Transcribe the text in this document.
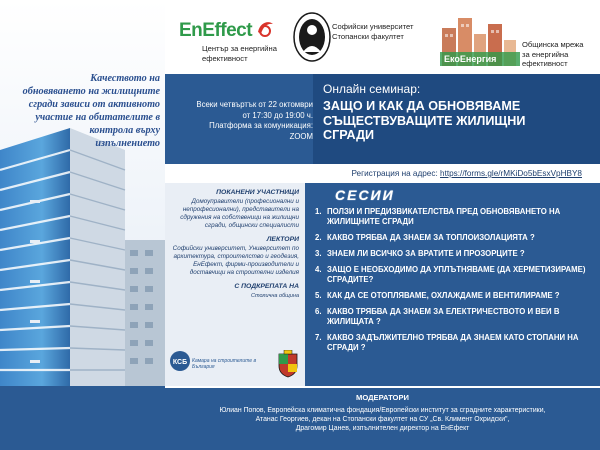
Качеството на
обновяването на жилищните
сгради зависи от активното
участие на обитателите в
контрола върху
изпълнението
EnEffect
Център за енергийна
ефективност
Софийски университет
Стопански факултет
ЕкоЕнергия
Общинска мрежа
за енергийна
ефективност
Всеки четвъртък от 22 октомври
от 17:30 до 19:00 ч.
Платформа за комуникация:
ZOOM
Онлайн семинар:
ЗАЩО И КАК ДА ОБНОВЯВАМЕ
СЪЩЕСТВУВАЩИТЕ ЖИЛИЩНИ
СГРАДИ
Регистрация на адрес: https://forms.gle/rMKiDo5bEsxVpHBY8
ПОКАНЕНИ УЧАСТНИЦИ
Домоуправители (професионални и непрофесионални), представители на сдружения на собственици на жилищни сгради, общински специалисти
ЛЕКТОРИ
Софийски университет, Университет по архитектура, строителство и геодезия, ЕнЕфект, фирми-производители и доставчици на строителни изделия
С ПОДКРЕПАТА НА
Столична община
КСБ Камара на строителите в България
СЕСИИ
1. ПОЛЗИ И ПРЕДИЗВИКАТЕЛСТВА ПРЕД ОБНОВЯВАНЕТО НА ЖИЛИЩНИТЕ СГРАДИ
2. КАКВО ТРЯБВА ДА ЗНАЕМ ЗА ТОПЛОИЗОЛАЦИЯТА ?
3. ЗНАЕМ ЛИ ВСИЧКО ЗА ВРАТИТЕ И ПРОЗОРЦИТЕ ?
4. ЗАЩО Е НЕОБХОДИМО ДА УПЛЪТНЯВАМЕ (ДА ХЕРМЕТИЗИРАМЕ) СГРАДИТЕ?
5. КАК ДА СЕ ОТОПЛЯВАМЕ, ОХЛАЖДАМЕ И ВЕНТИЛИРАМЕ ?
6. КАКВО ТРЯБВА ДА ЗНАЕМ ЗА ЕЛЕКТРИЧЕСТВОТО И ВЕИ В ЖИЛИЩАТА ?
7. КАКВО ЗАДЪЛЖИТЕЛНО ТРЯБВА ДА ЗНАЕМ КАТО СТОПАНИ НА СГРАДИ ?
МОДЕРАТОРИ
Юлиан Попов, Европейска климатична фондация/Европейски институт за сградните характеристики,
Атанас Георгиев, декан на Стопански факултет на СУ „Св. Климент Охридски",
Драгомир Цанев, изпълнителен директор на ЕнЕфект
